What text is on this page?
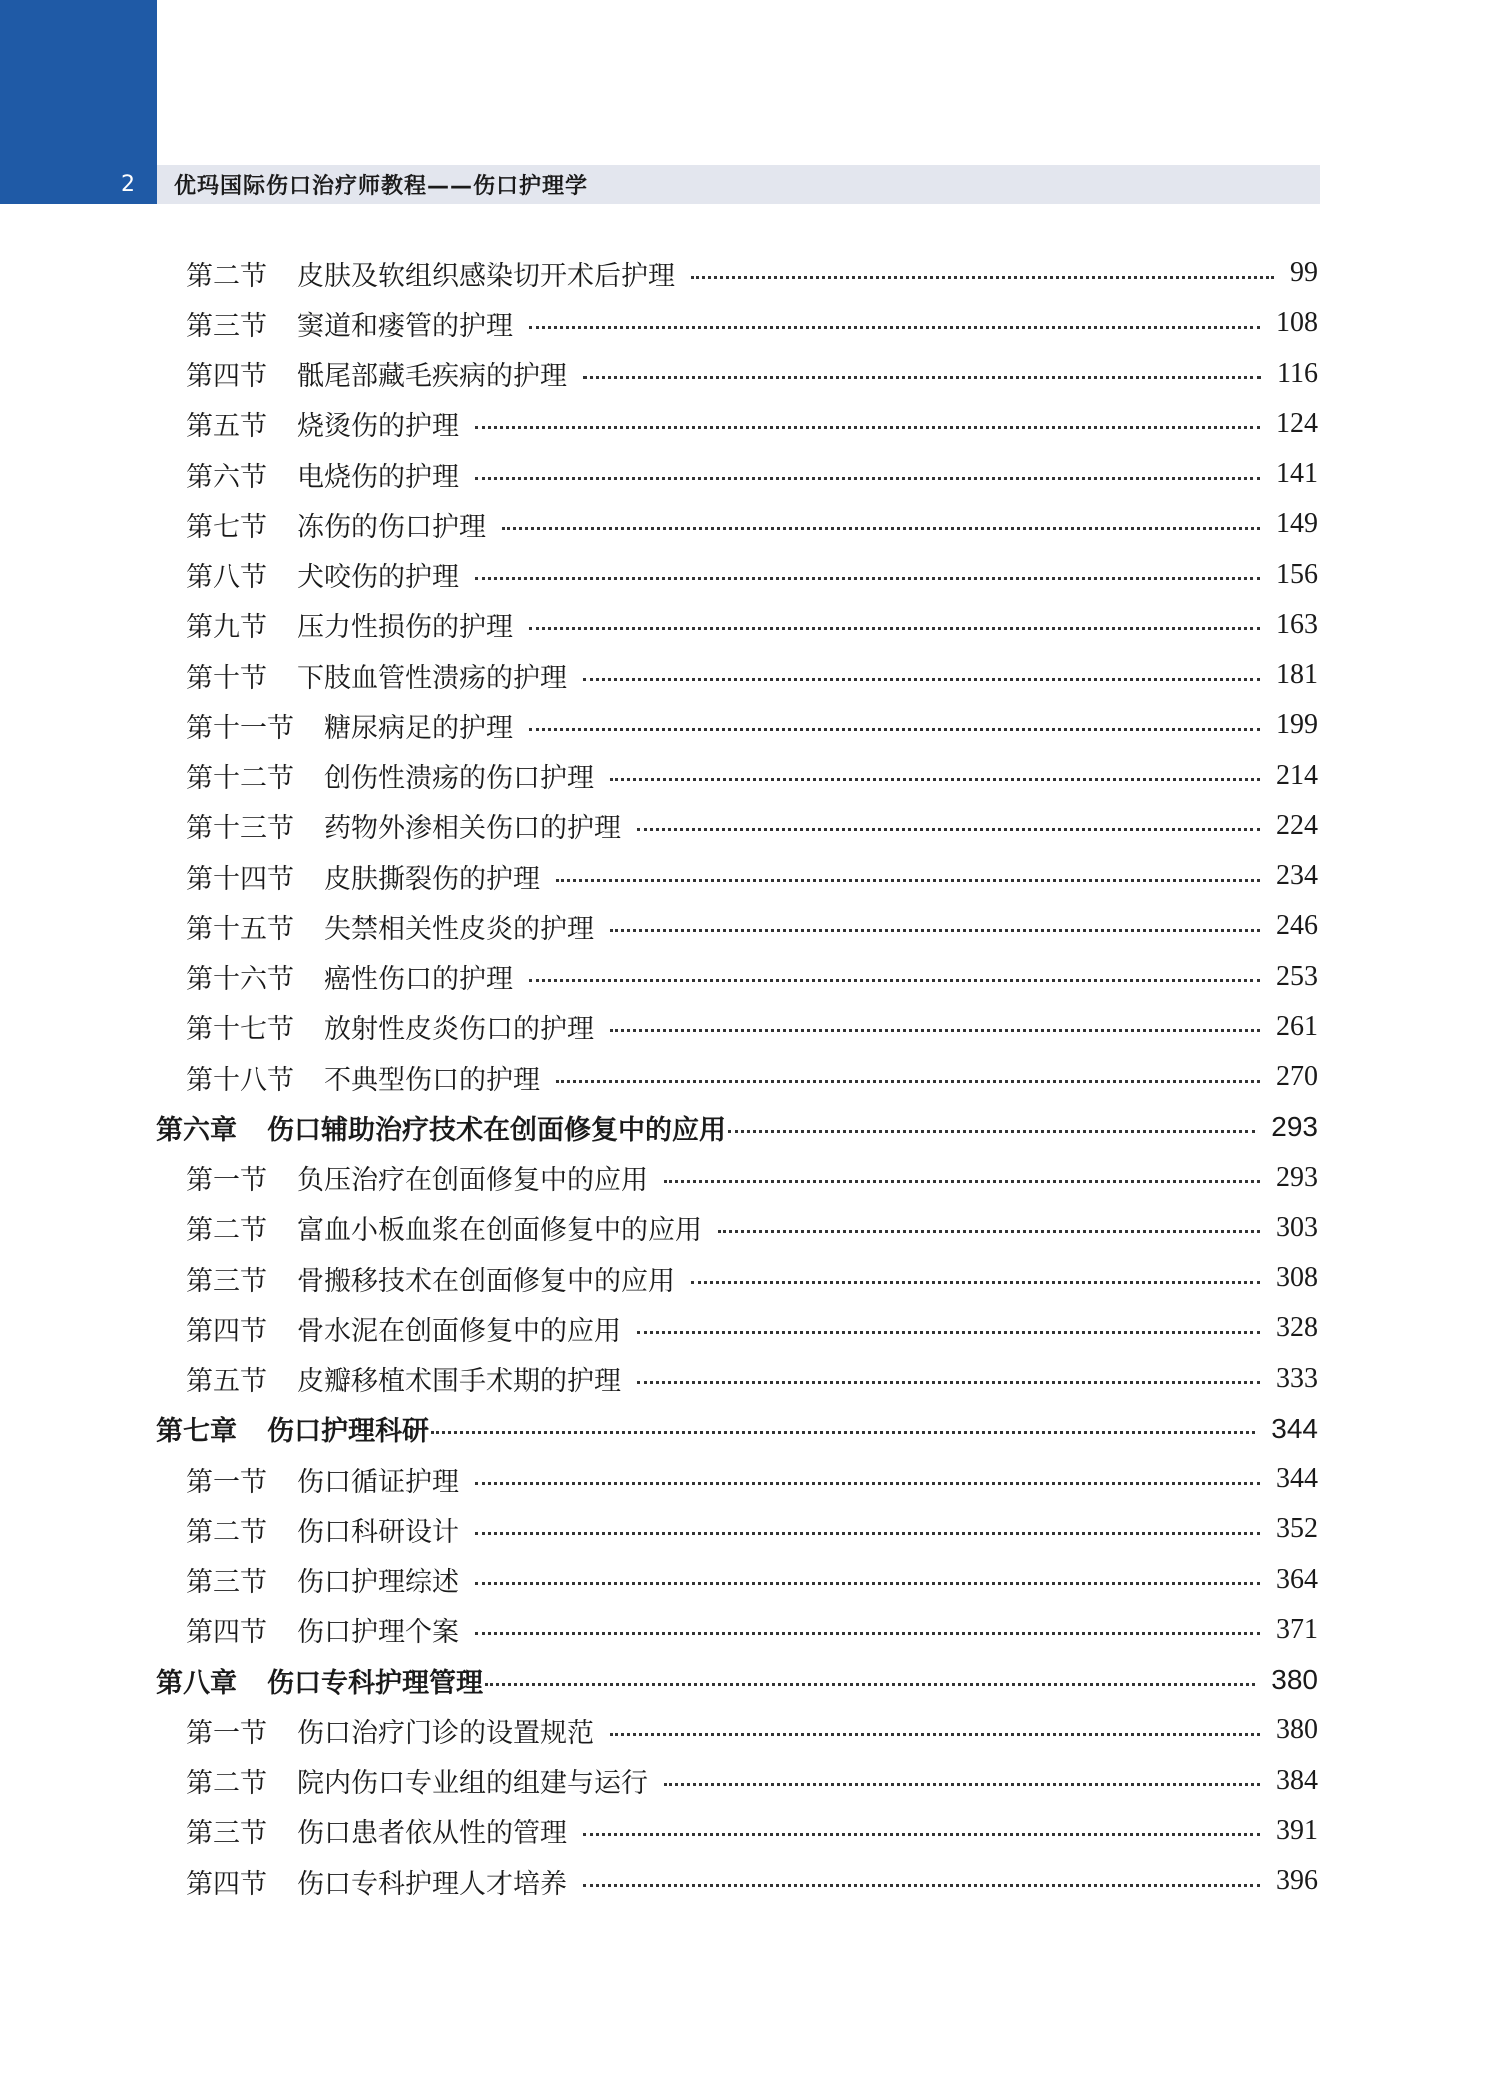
2	优玛国际伤口治疗师教程——伤口护理学
第二节 皮肤及软组织感染切开术后护理	99
第三节 窦道和瘘管的护理	108
第四节 骶尾部藏毛疾病的护理	116
第五节 烧烫伤的护理	124
第六节 电烧伤的护理	141
第七节 冻伤的伤口护理	149
第八节 犬咬伤的护理	156
第九节 压力性损伤的护理	163
第十节 下肢血管性溃疡的护理	181
第十一节 糖尿病足的护理	199
第十二节 创伤性溃疡的伤口护理	214
第十三节 药物外渗相关伤口的护理	224
第十四节 皮肤撕裂伤的护理	234
第十五节 失禁相关性皮炎的护理	246
第十六节 癌性伤口的护理	253
第十七节 放射性皮炎伤口的护理	261
第十八节 不典型伤口的护理	270
第六章 伤口辅助治疗技术在创面修复中的应用	293
第一节 负压治疗在创面修复中的应用	293
第二节 富血小板血浆在创面修复中的应用	303
第三节 骨搬移技术在创面修复中的应用	308
第四节 骨水泥在创面修复中的应用	328
第五节 皮瓣移植术围手术期的护理	333
第七章 伤口护理科研	344
第一节 伤口循证护理	344
第二节 伤口科研设计	352
第三节 伤口护理综述	364
第四节 伤口护理个案	371
第八章 伤口专科护理管理	380
第一节 伤口治疗门诊的设置规范	380
第二节 院内伤口专业组的组建与运行	384
第三节 伤口患者依从性的管理	391
第四节 伤口专科护理人才培养	396
